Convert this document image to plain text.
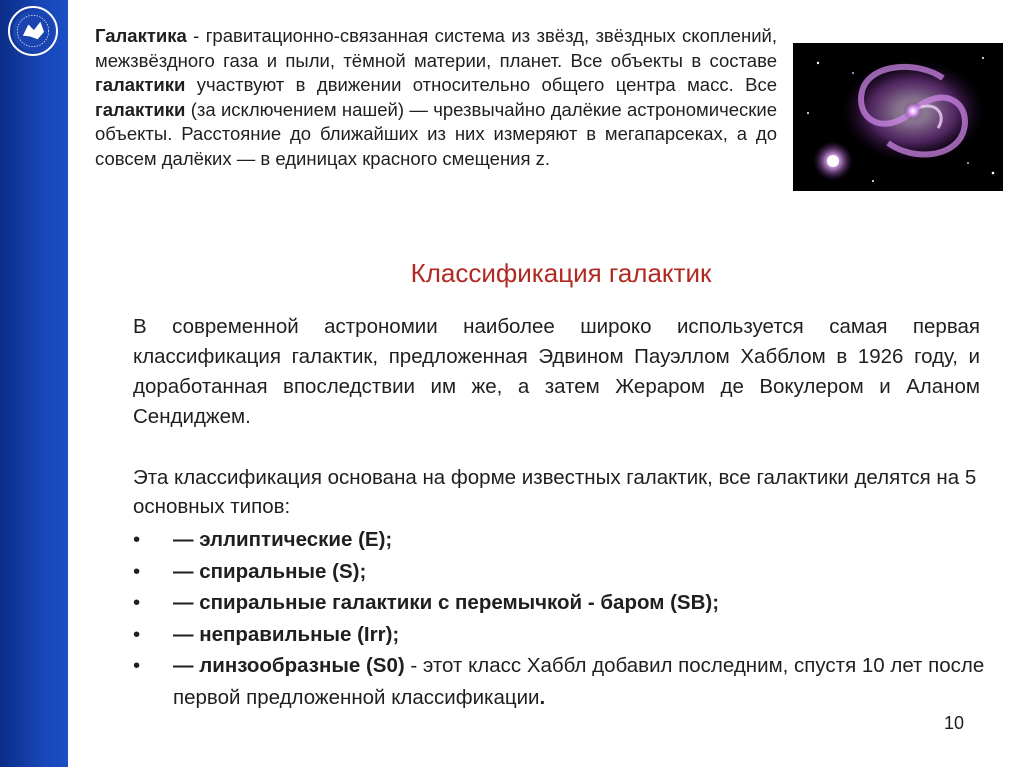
Галактика - гравитационно-связанная система из звёзд, звёздных скоплений, межзвёздного газа и пыли, тёмной материи, планет. Все объекты в составе галактики участвуют в движении относительно общего центра масс. Все галактики (за исключением нашей) — чрезвычайно далёкие астрономические объекты. Расстояние до ближайших из них измеряют в мегапарсеках, а до совсем далёких — в единицах красного смещения z.
Классификация галактик
В современной астрономии наиболее широко используется самая первая классификация галактик, предложенная Эдвином Пауэллом Хабблом в 1926 году, и доработанная впоследствии им же, а затем Жераром де Вокулером и Аланом Сендиджем.
Эта классификация основана на форме известных галактик, все галактики делятся на 5 основных типов:
• — эллиптические (E);
• — спиральные (S);
• — спиральные галактики с перемычкой - баром (SB);
• — неправильные (Irr);
• — линзообразные (S0) - этот класс Хаббл добавил последним, спустя 10 лет после первой предложенной классификации.
10
